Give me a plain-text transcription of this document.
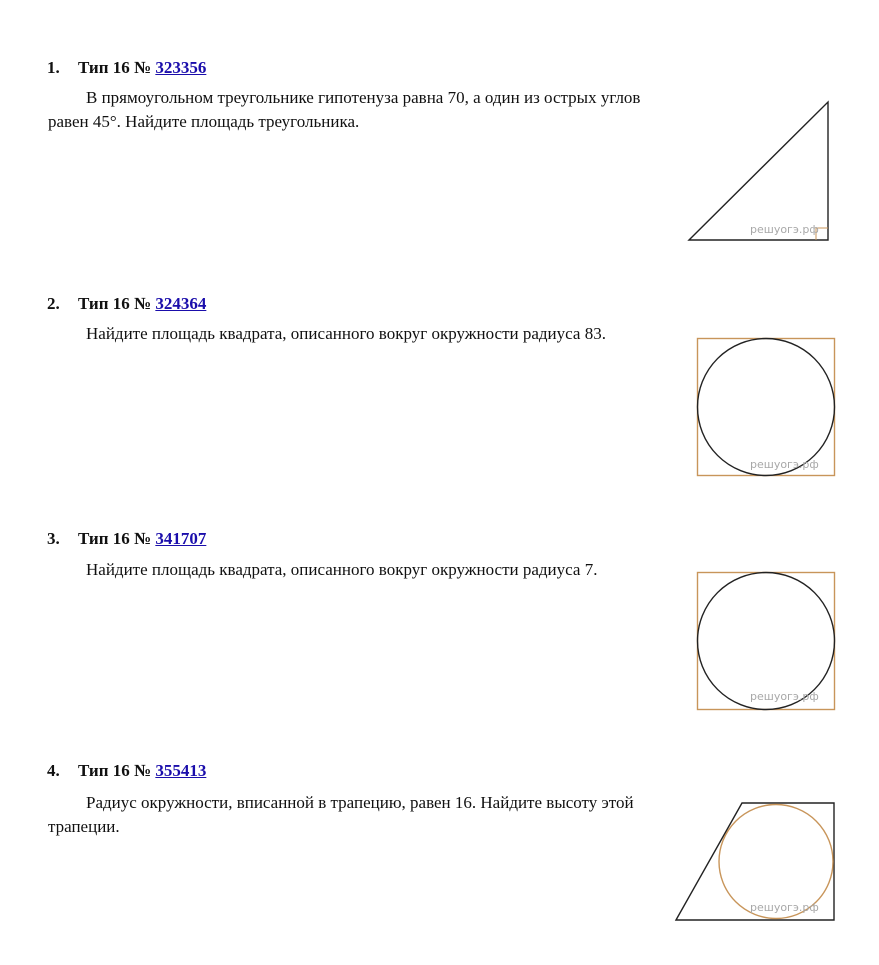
1. Тип 16 № 323356
В прямоугольном треугольнике гипотенуза равна 70, а один из острых углов равен 45°. Найдите площадь треугольника.
решуогэ.рф
2. Тип 16 № 324364
Найдите площадь квадрата, описанного вокруг окружности радиуса 83.
решуогэ.рф
3. Тип 16 № 341707
Найдите площадь квадрата, описанного вокруг окружности радиуса 7.
решуогэ.рф
4. Тип 16 № 355413
Радиус окружности, вписанной в трапецию, равен 16. Найдите высоту этой трапеции.
решуогэ.рф
